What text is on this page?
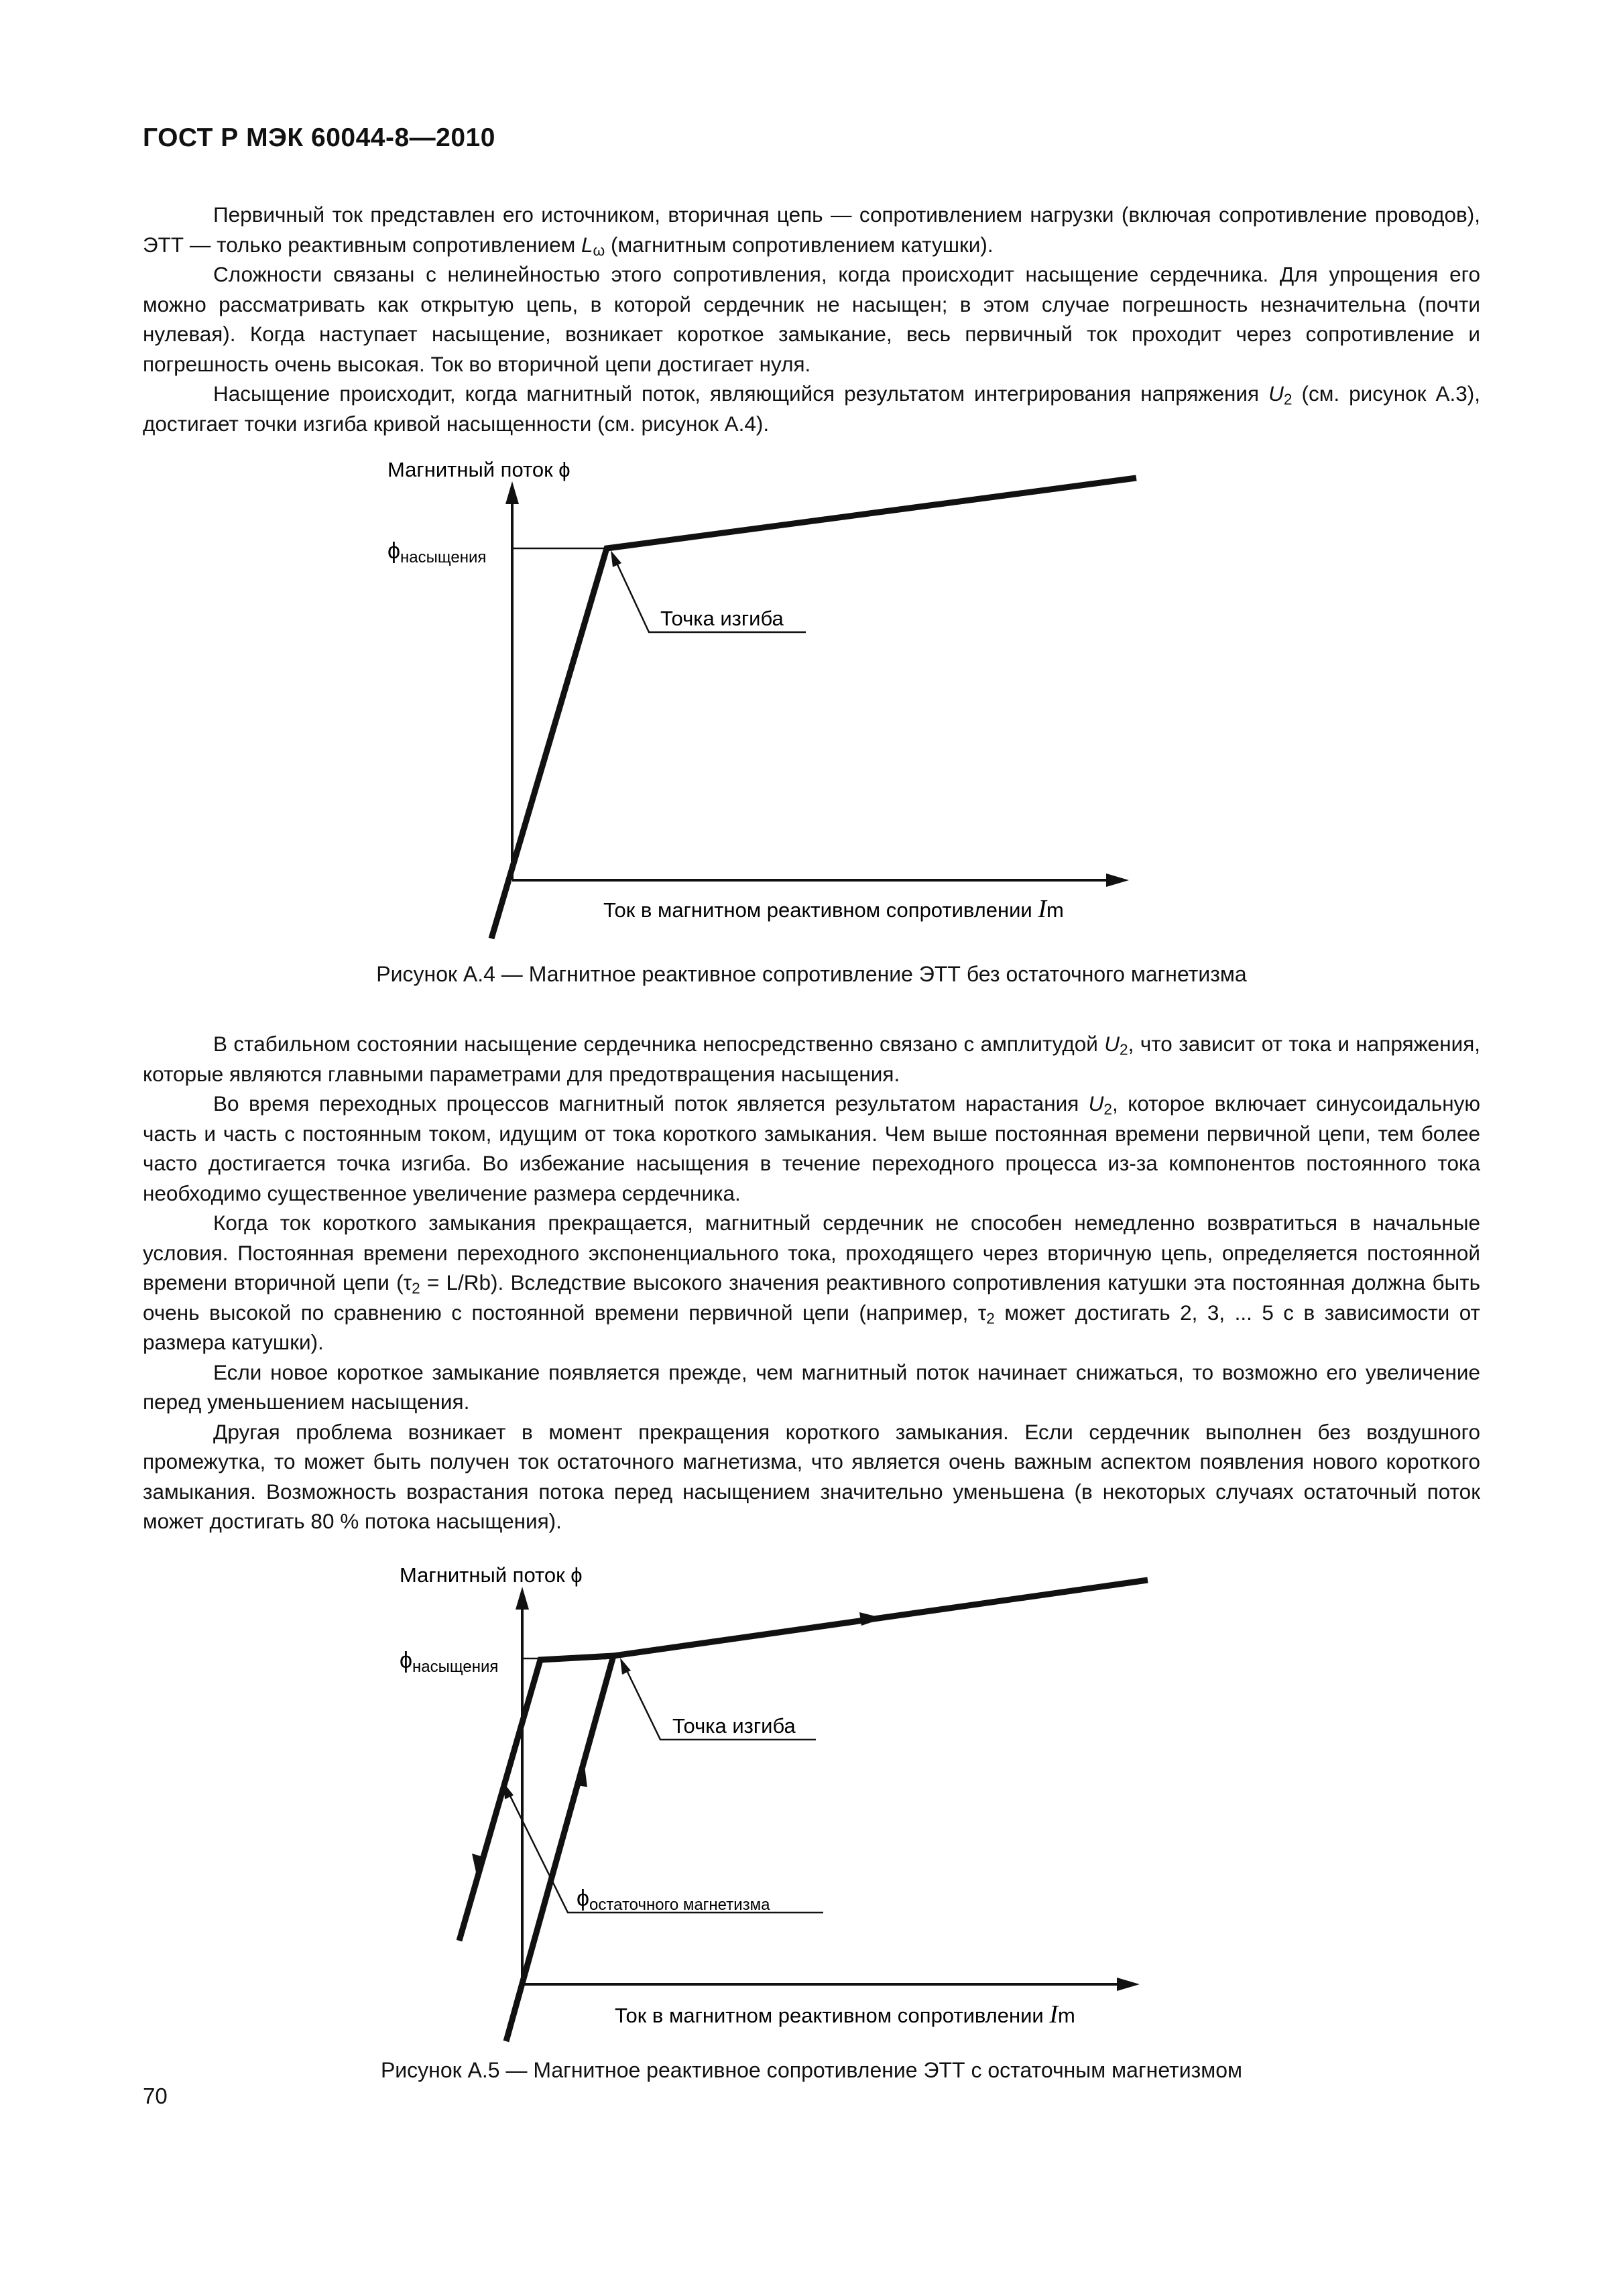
ГОСТ Р МЭК 60044-8—2010

Первичный ток представлен его источником, вторичная цепь — сопротивлением нагрузки (включая сопротивление проводов), ЭТТ — только реактивным сопротивлением $L_\omega$ (магнитным сопротивлением катушки).

Сложности связаны с нелинейностью этого сопротивления, когда происходит насыщение сердечника. Для упрощения его можно рассматривать как открытую цепь, в которой сердечник не насыщен; в этом случае погрешность незначительна (почти нулевая). Когда наступает насыщение, возникает короткое замыкание, весь первичный ток проходит через сопротивление и погрешность очень высокая. Ток во вторичной цепи достигает нуля.

Насыщение происходит, когда магнитный поток, являющийся результатом интегрирования напряжения $U_2$ (см. рисунок А.3), достигает точки изгиба кривой насыщенности (см. рисунок А.4).

Магнитный поток ϕ
ϕнасыщения
Точка изгиба
Ток в магнитном реактивном сопротивлении Im
Рисунок А.4 — Магнитное реактивное сопротивление ЭТТ без остаточного магнетизма

В стабильном состоянии насыщение сердечника непосредственно связано с амплитудой $U_2$, что зависит от тока и напряжения, которые являются главными параметрами для предотвращения насыщения.

Во время переходных процессов магнитный поток является результатом нарастания $U_2$, которое включает синусоидальную часть и часть с постоянным током, идущим от тока короткого замыкания. Чем выше постоянная времени первичной цепи, тем более часто достигается точка изгиба. Во избежание насыщения в течение переходного процесса из-за компонентов постоянного тока необходимо существенное увеличение размера сердечника.

Когда ток короткого замыкания прекращается, магнитный сердечник не способен немедленно возвратиться в начальные условия. Постоянная времени переходного экспоненциального тока, проходящего через вторичную цепь, определяется постоянной времени вторичной цепи $(\tau_2 = L/Rb)$. Вследствие высокого значения реактивного сопротивления катушки эта постоянная должна быть очень высокой по сравнению с постоянной времени первичной цепи (например, $\tau_2$ может достигать 2, 3, ... 5 с в зависимости от размера катушки).

Если новое короткое замыкание появляется прежде, чем магнитный поток начинает снижаться, то возможно его увеличение перед уменьшением насыщения.

Другая проблема возникает в момент прекращения короткого замыкания. Если сердечник выполнен без воздушного промежутка, то может быть получен ток остаточного магнетизма, что является очень важным аспектом появления нового короткого замыкания. Возможность возрастания потока перед насыщением значительно уменьшена (в некоторых случаях остаточный поток может достигать 80 % потока насыщения).

Магнитный поток ϕ
ϕнасыщения
Точка изгиба
ϕостаточного магнетизма
Ток в магнитном реактивном сопротивлении Im
Рисунок А.5 — Магнитное реактивное сопротивление ЭТТ с остаточным магнетизмом
70
